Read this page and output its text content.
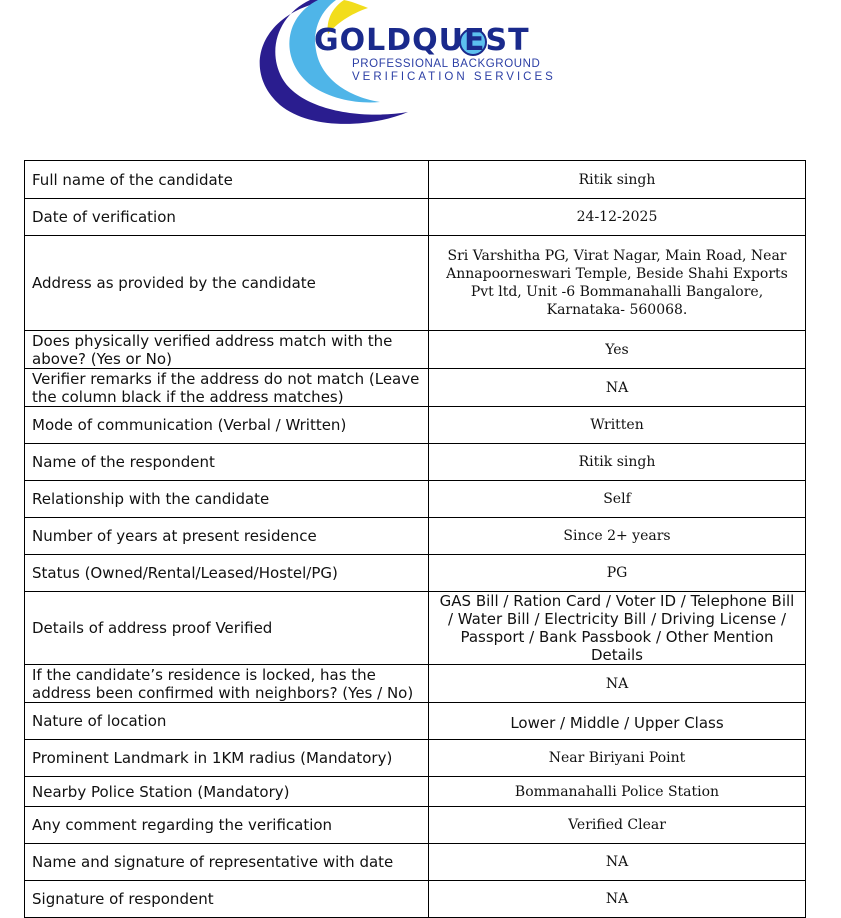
GOLDQUEST
PROFESSIONAL BACKGROUND
VERIFICATION SERVICES
Full name of the candidate	Ritik singh
Date of verification	24-12-2025
Address as provided by the candidate	Sri Varshitha PG, Virat Nagar, Main Road, Near Annapoorneswari Temple, Beside Shahi Exports Pvt ltd, Unit -6 Bommanahalli Bangalore, Karnataka- 560068.
Does physically verified address match with the above? (Yes or No)	Yes
Verifier remarks if the address do not match (Leave the column black if the address matches)	NA
Mode of communication (Verbal / Written)	Written
Name of the respondent	Ritik singh
Relationship with the candidate	Self
Number of years at present residence	Since 2+ years
Status (Owned/Rental/Leased/Hostel/PG)	PG
Details of address proof Verified	GAS Bill / Ration Card / Voter ID / Telephone Bill / Water Bill / Electricity Bill / Driving License / Passport / Bank Passbook / Other Mention Details
If the candidate’s residence is locked, has the address been confirmed with neighbors? (Yes / No)	NA
Nature of location	Lower / Middle / Upper Class
Prominent Landmark in 1KM radius (Mandatory)	Near Biriyani Point
Nearby Police Station (Mandatory)	Bommanahalli Police Station
Any comment regarding the verification	Verified Clear
Name and signature of representative with date	NA
Signature of respondent	NA
